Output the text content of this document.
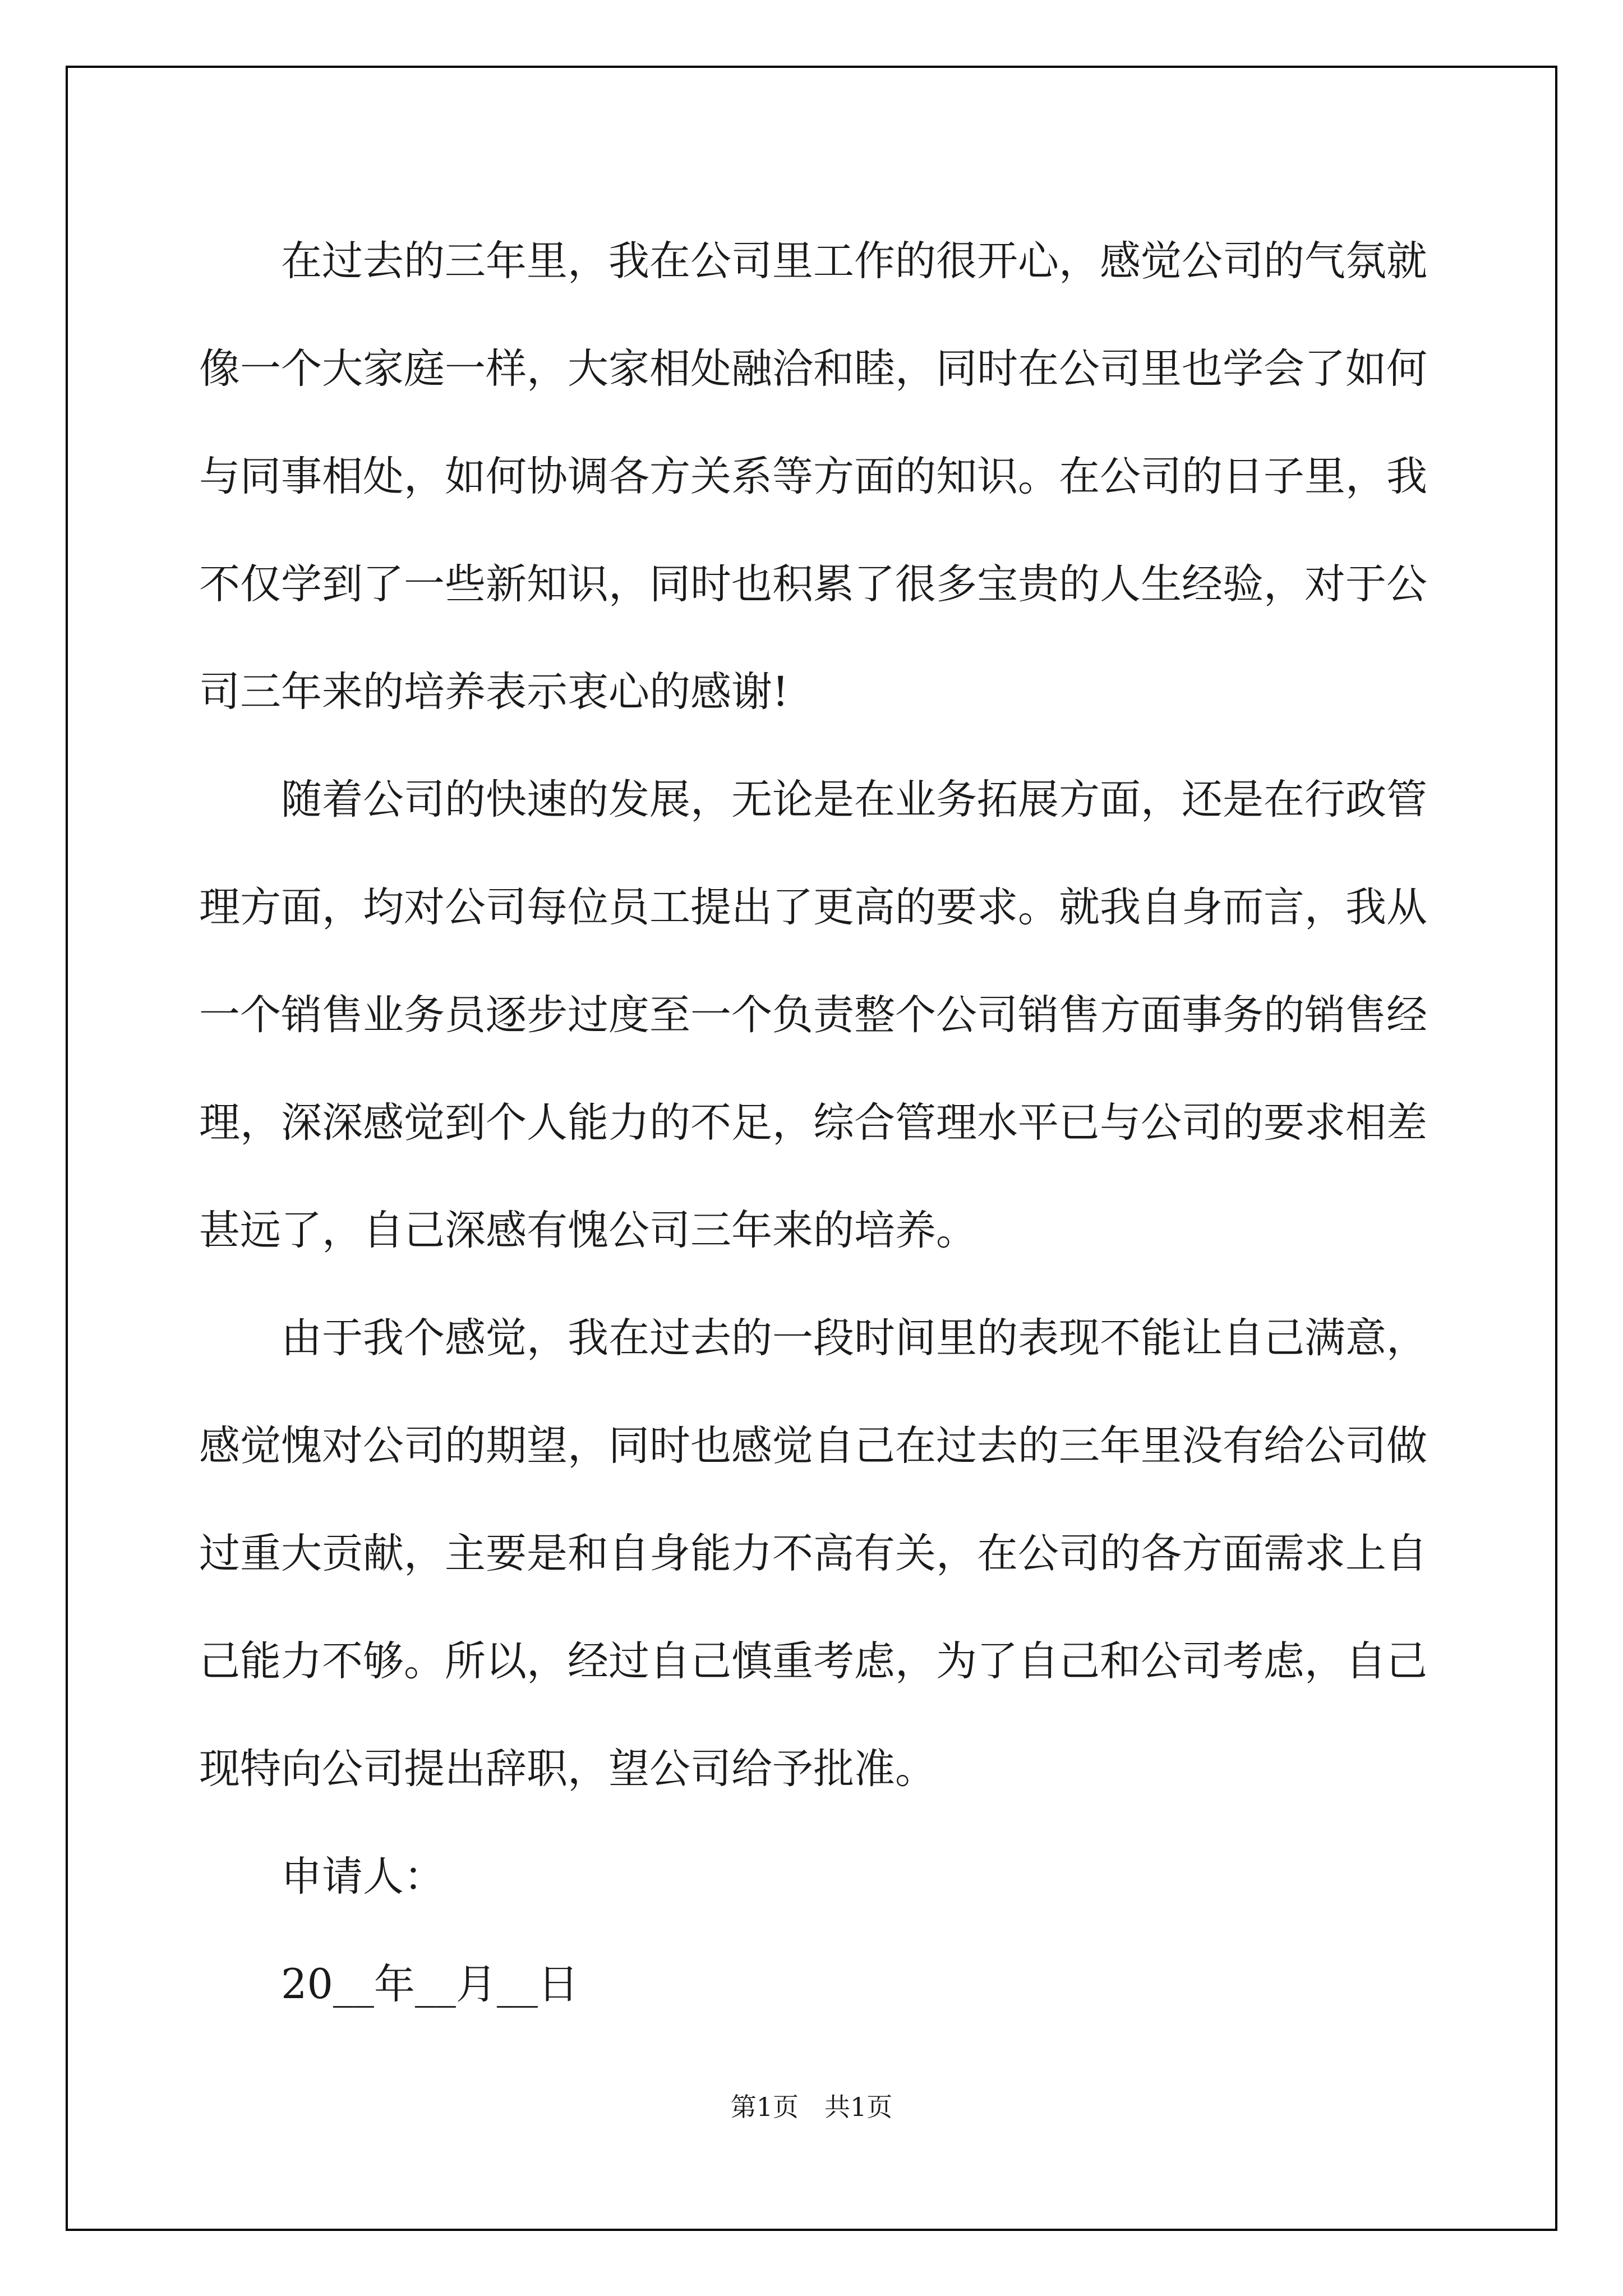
在过去的三年里，我在公司里工作的很开心，感觉公司的气氛就像一个大家庭一样，大家相处融洽和睦，同时在公司里也学会了如何与同事相处，如何协调各方关系等方面的知识。在公司的日子里，我不仅学到了一些新知识，同时也积累了很多宝贵的人生经验，对于公司三年来的培养表示衷心的感谢!

随着公司的快速的发展，无论是在业务拓展方面，还是在行政管理方面，均对公司每位员工提出了更高的要求。就我自身而言，我从一个销售业务员逐步过度至一个负责整个公司销售方面事务的销售经理，深深感觉到个人能力的不足，综合管理水平已与公司的要求相差甚远了，自己深感有愧公司三年来的培养。

由于我个感觉，我在过去的一段时间里的表现不能让自己满意，感觉愧对公司的期望，同时也感觉自己在过去的三年里没有给公司做过重大贡献，主要是和自身能力不高有关，在公司的各方面需求上自己能力不够。所以，经过自己慎重考虑，为了自己和公司考虑，自己现特向公司提出辞职，望公司给予批准。

申请人：

20__年__月__日

第1页　共1页
